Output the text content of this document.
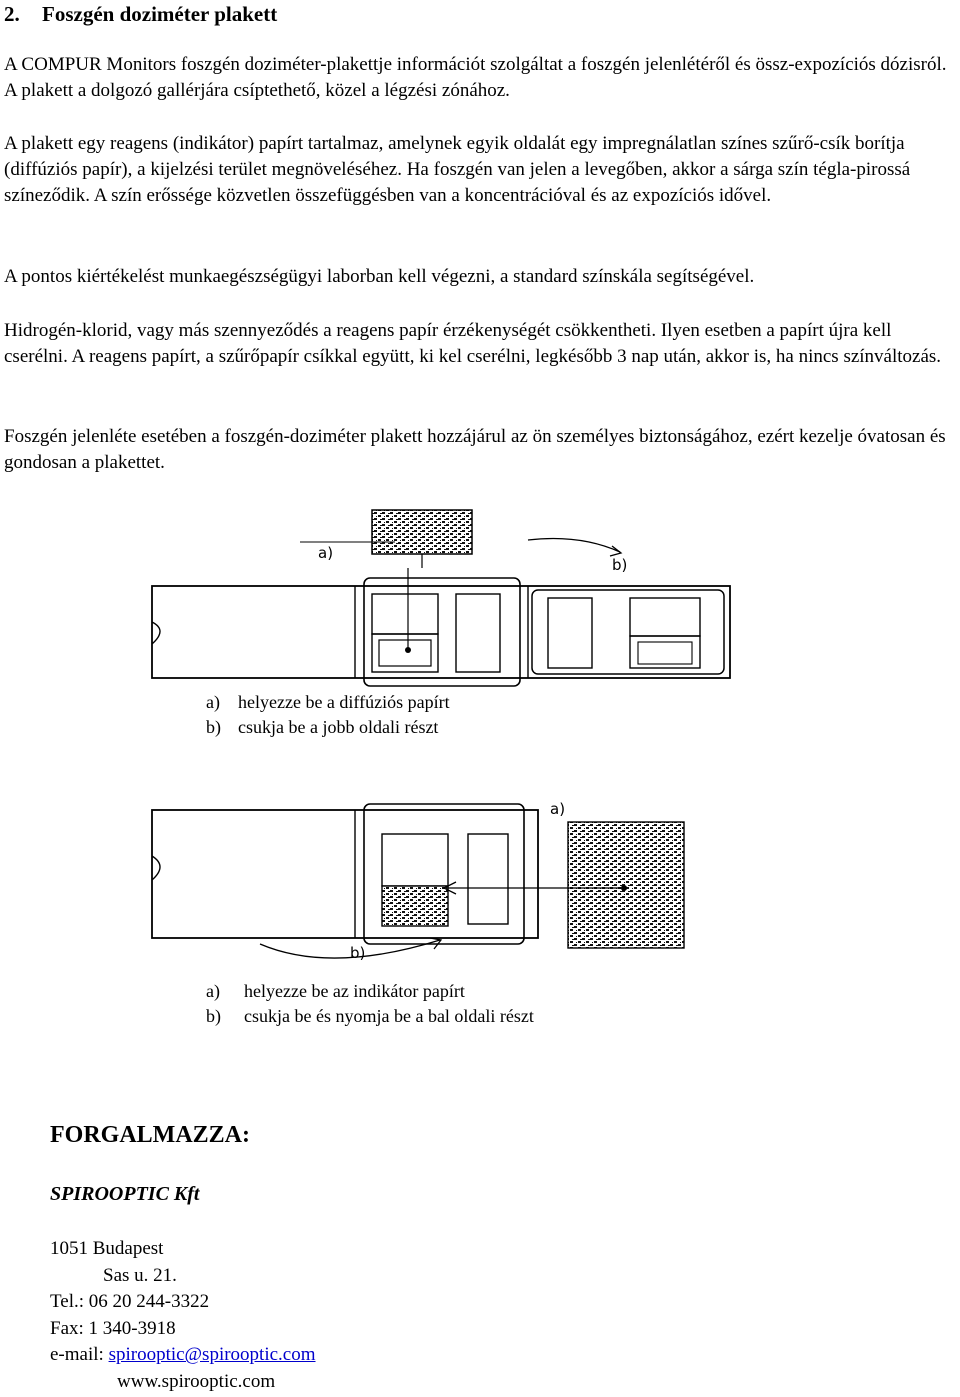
2. Foszgén doziméter plakett

A COMPUR Monitors foszgén doziméter-plakettje információt szolgáltat a foszgén jelenlétéről és össz-expozíciós dózisról. A plakett a dolgozó gallérjára csíptethető, közel a légzési zónához.

A plakett egy reagens (indikátor) papírt tartalmaz, amelynek egyik oldalát egy impregnálatlan színes szűrő-csík borítja (diffúziós papír), a kijelzési terület megnöveléséhez. Ha foszgén van jelen a levegőben, akkor a sárga szín tégla-pirossá színeződik. A szín erőssége közvetlen összefüggésben van a koncentrációval és az expozíciós idővel.

A pontos kiértékelést munkaegészségügyi laborban kell végezni, a standard színskála segítségével.

Hidrogén-klorid, vagy más szennyeződés a reagens papír érzékenységét csökkentheti. Ilyen esetben a papírt újra kell cserélni. A reagens papírt, a szűrőpapír csíkkal együtt, ki kel cserélni, legkésőbb 3 nap után, akkor is, ha nincs színváltozás.

Foszgén jelenléte esetében a foszgén-doziméter plakett hozzájárul az ön személyes biztonságához, ezért kezelje óvatosan és gondosan a plakettet.

a)
b)
a)	helyezze be a diffúziós papírt
b) csukja be a jobb oldali részt
a)
b)
a)	helyezze be az indikátor papírt
b)	csukja be és nyomja be a bal oldali részt
FORGALMAZZA:
SPIROOPTIC Kft
1051 Budapest
Sas u. 21.
Tel.: 06 20 244-3322
Fax: 1 340-3918
e-mail: spirooptic@spirooptic.com
www.spirooptic.com
